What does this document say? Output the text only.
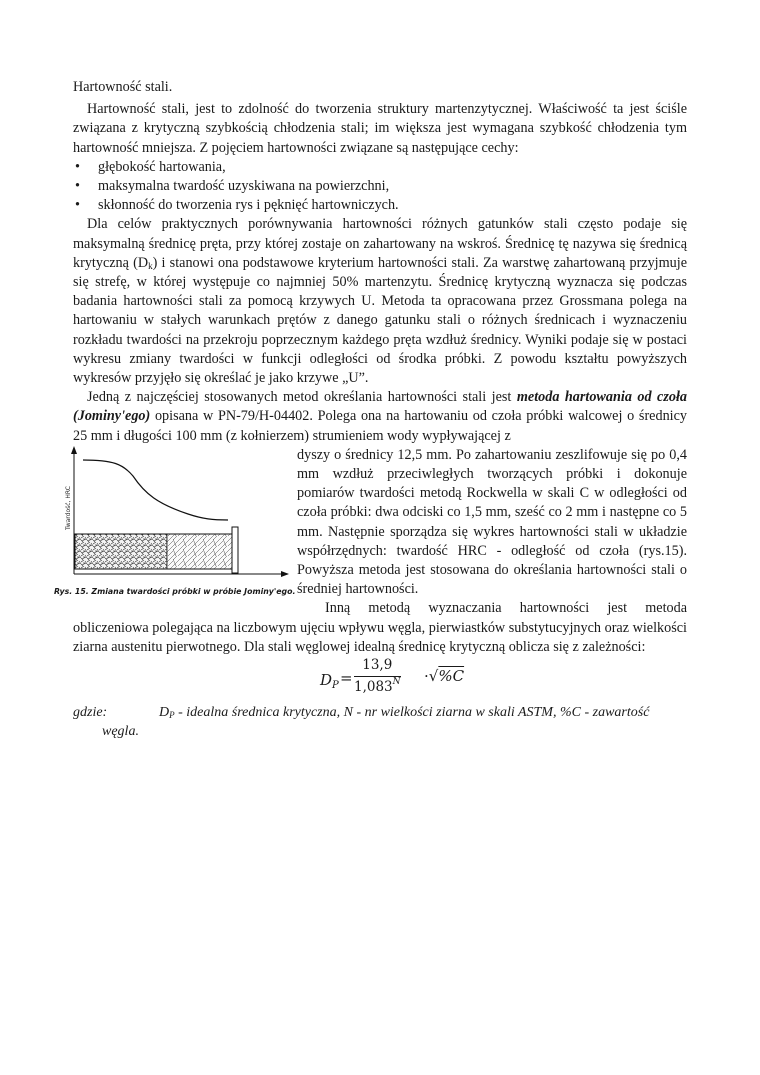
Hartowność stali.

Hartowność stali, jest to zdolność do tworzenia struktury martenzytycznej. Właściwość ta jest ściśle związana z krytyczną szybkością chłodzenia stali; im większa jest wymagana szybkość chłodzenia tym hartowność mniejsza. Z pojęciem hartowności związane są następujące cechy:

• głębokość hartowania,
• maksymalna twardość uzyskiwana na powierzchni,
• skłonność do tworzenia rys i pęknięć hartowniczych.

Dla celów praktycznych porównywania hartowności różnych gatunków stali często podaje się maksymalną średnicę pręta, przy której zostaje on zahartowany na wskroś. Średnicę tę nazywa się średnicą krytyczną $(D_k)$ i stanowi ona podstawowe kryterium hartowności stali. Za warstwę zahartowaną przyjmuje się strefę, w której występuje co najmniej 50% martenzytu. Średnicę krytyczną wyznacza się podczas badania hartowności stali za pomocą krzywych U. Metoda ta opracowana przez Grossmana polega na hartowaniu w stałych warunkach prętów z danego gatunku stali o różnych średnicach i wyznaczeniu rozkładu twardości na przekroju poprzecznym każdego pręta wzdłuż średnicy. Wyniki podaje się w postaci wykresu zmiany twardości w funkcji odległości od środka próbki. Z powodu kształtu powyższych wykresów przyjęło się określać je jako krzywe „U”.

Jedną z najczęściej stosowanych metod określania hartowności stali jest metoda hartowania od czoła (Jominy'ego) opisana w PN-79/H-04402. Polega ona na hartowaniu od czoła próbki walcowej o średnicy 25 mm i długości 100 mm (z kołnierzem) strumieniem wody wypływającej z

Twardość, HRC
Rys. 15. Zmiana twardości próbki w próbie Jominy'ego.

dyszy o średnicy 12,5 mm. Po zahartowaniu zeszlifowuje się po 0,4 mm wzdłuż przeciwległych tworzących próbki i dokonuje pomiarów twardości metodą Rockwella w skali C w odległości od czoła próbki: dwa odciski co 1,5 mm, sześć co 2 mm i następne co 5 mm. Następnie sporządza się wykres hartowności stali w układzie współrzędnych: twardość HRC - odległość od czoła (rys.15). Powyższa metoda jest stosowana do określania hartowności stali o średniej hartowności.

Inną metodą wyznaczania hartowności jest metoda obliczeniowa polegająca na liczbowym ujęciu wpływu węgla, pierwiastków substytucyjnych oraz wielkości ziarna austenitu pierwotnego. Dla stali węglowej idealną średnicę krytyczną oblicza się z zależności:

$D_P = \frac{13,9}{1,083^N} \cdot√\%C$
gdzie:	$D_P$ - idealna średnica krytyczna, N - nr wielkości ziarna w skali ASTM, %C - zawartość
węgla.
